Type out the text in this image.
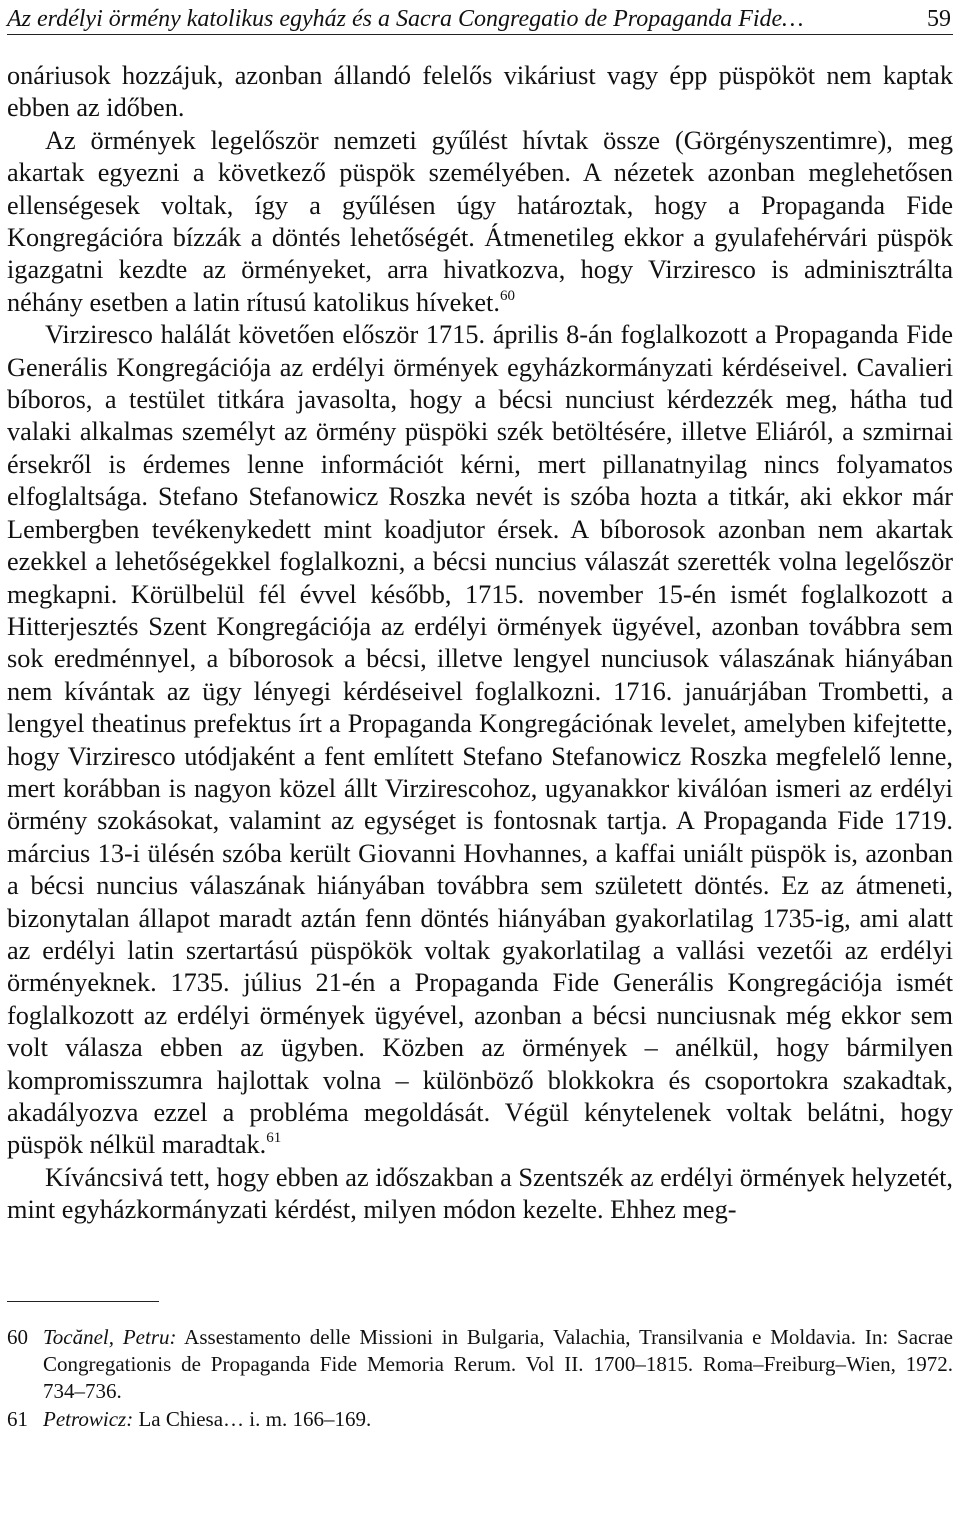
Az erdélyi örmény katolikus egyház és a Sacra Congregatio de Propaganda Fide…	59

onáriusok hozzájuk, azonban állandó felelős vikáriust vagy épp püspököt nem kaptak ebben az időben.

Az örmények legelőször nemzeti gyűlést hívtak össze (Görgényszentimre), meg akartak egyezni a következő püspök személyében. A nézetek azonban meglehetősen ellenségesek voltak, így a gyűlésen úgy határoztak, hogy a Propaganda Fide Kongregációra bízzák a döntés lehetőségét. Átmenetileg ekkor a gyulafehérvári püspök igazgatni kezdte az örményeket, arra hivatkozva, hogy Virziresco is adminisztrálta néhány esetben a latin rítusú katolikus híveket.$^{60}$

Virziresco halálát követően először 1715. április 8-án foglalkozott a Propaganda Fide Generális Kongregációja az erdélyi örmények egyházkormányzati kérdéseivel. Cavalieri bíboros, a testület titkára javasolta, hogy a bécsi nunciust kérdezzék meg, hátha tud valaki alkalmas személyt az örmény püspöki szék betöltésére, illetve Eliáról, a szmirnai érsekről is érdemes lenne információt kérni, mert pillanatnyilag nincs folyamatos elfoglaltsága. Stefano Stefanowicz Roszka nevét is szóba hozta a titkár, aki ekkor már Lembergben tevékenykedett mint koadjutor érsek. A bíborosok azonban nem akartak ezekkel a lehetőségekkel foglalkozni, a bécsi nuncius válaszát szerették volna legelőször megkapni. Körülbelül fél évvel később, 1715. november 15-én ismét foglalkozott a Hitterjesztés Szent Kongregációja az erdélyi örmények ügyével, azonban továbbra sem sok eredménnyel, a bíborosok a bécsi, illetve lengyel nunciusok válaszának hiányában nem kívántak az ügy lényegi kérdéseivel foglalkozni. 1716. januárjában Trombetti, a lengyel theatinus prefektus írt a Propaganda Kongregációnak levelet, amelyben kifejtette, hogy Virziresco utódjaként a fent említett Stefano Stefanowicz Roszka megfelelő lenne, mert korábban is nagyon közel állt Virzirescohoz, ugyanakkor kiválóan ismeri az erdélyi örmény szokásokat, valamint az egységet is fontosnak tartja. A Propaganda Fide 1719. március 13-i ülésén szóba került Giovanni Hovhannes, a kaffai uniált püspök is, azonban a bécsi nuncius válaszának hiányában továbbra sem született döntés. Ez az átmeneti, bizonytalan állapot maradt aztán fenn döntés hiányában gyakorlatilag 1735-ig, ami alatt az erdélyi latin szertartású püspökök voltak gyakorlatilag a vallási vezetői az erdélyi örményeknek. 1735. július 21-én a Propaganda Fide Generális Kongregációja ismét foglalkozott az erdélyi örmények ügyével, azonban a bécsi nunciusnak még ekkor sem volt válasza ebben az ügyben. Közben az örmények – anélkül, hogy bármilyen kompromisszumra hajlottak volna – különböző blokkokra és csoportokra szakadtak, akadályozva ezzel a probléma megoldását. Végül kénytelenek voltak belátni, hogy püspök nélkül maradtak.$^{61}$

Kíváncsivá tett, hogy ebben az időszakban a Szentszék az erdélyi örmények helyzetét, mint egyházkormányzati kérdést, milyen módon kezelte. Ehhez meg-

60 Tocănel, Petru: Assestamento delle Missioni in Bulgaria, Valachia, Transilvania e Moldavia. In: Sacrae Congregationis de Propaganda Fide Memoria Rerum. Vol II. 1700–1815. Roma–Freiburg–Wien, 1972. 734–736.
61 Petrowicz: La Chiesa… i. m. 166–169.
